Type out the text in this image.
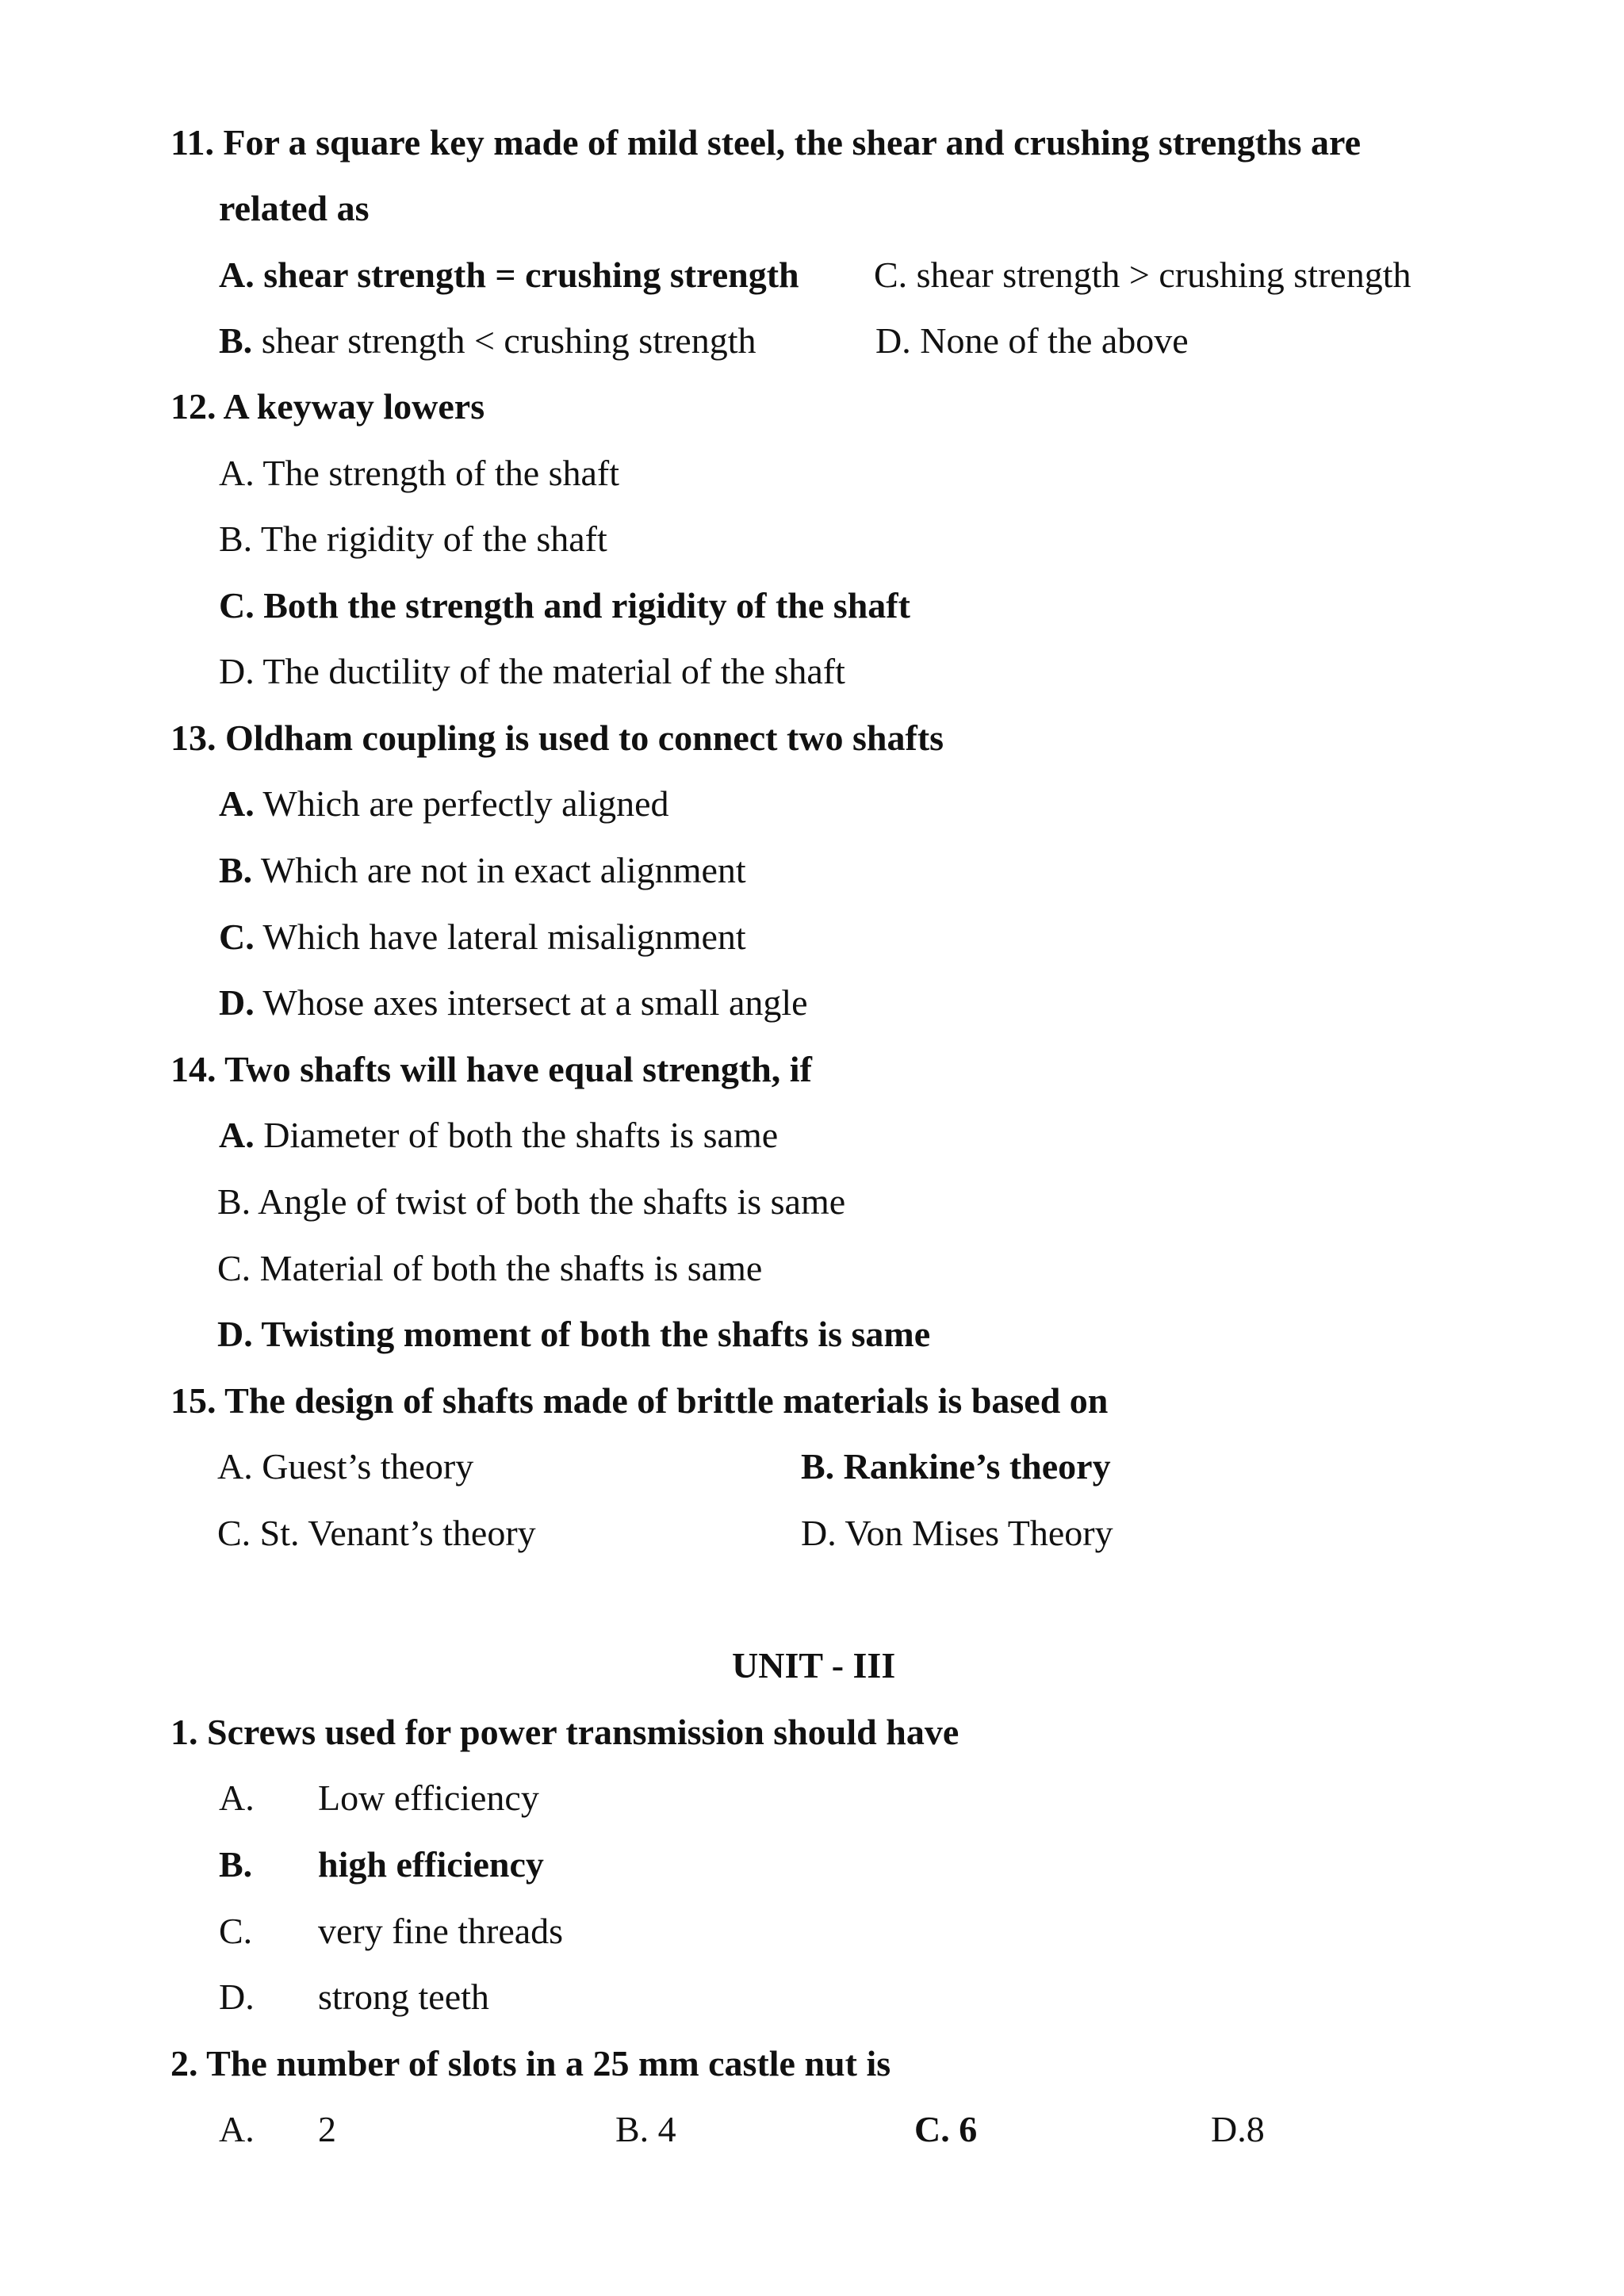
11. For a square key made of mild steel, the shear and crushing strengths are
related as
A. shear strength = crushing strength C. shear strength > crushing strength
B. shear strength < crushing strength	D. None of the above
12. A keyway lowers
A. The strength of the shaft
B. The rigidity of the shaft
C. Both the strength and rigidity of the shaft
D. The ductility of the material of the shaft
13. Oldham coupling is used to connect two shafts
A. Which are perfectly aligned
B. Which are not in exact alignment
C. Which have lateral misalignment
D. Whose axes intersect at a small angle
14. Two shafts will have equal strength, if
A. Diameter of both the shafts is same
B. Angle of twist of both the shafts is same
C. Material of both the shafts is same
D. Twisting moment of both the shafts is same
15. The design of shafts made of brittle materials is based on
A. Guest’s theory	B. Rankine’s theory
C. St. Venant’s theory	D. Von Mises Theory
UNIT - III
1. Screws used for power transmission should have
A. Low efficiency
B. high efficiency
C. very fine threads
D. strong teeth
2. The number of slots in a 25 mm castle nut is
A. 2	B. 4	C. 6	D.8
